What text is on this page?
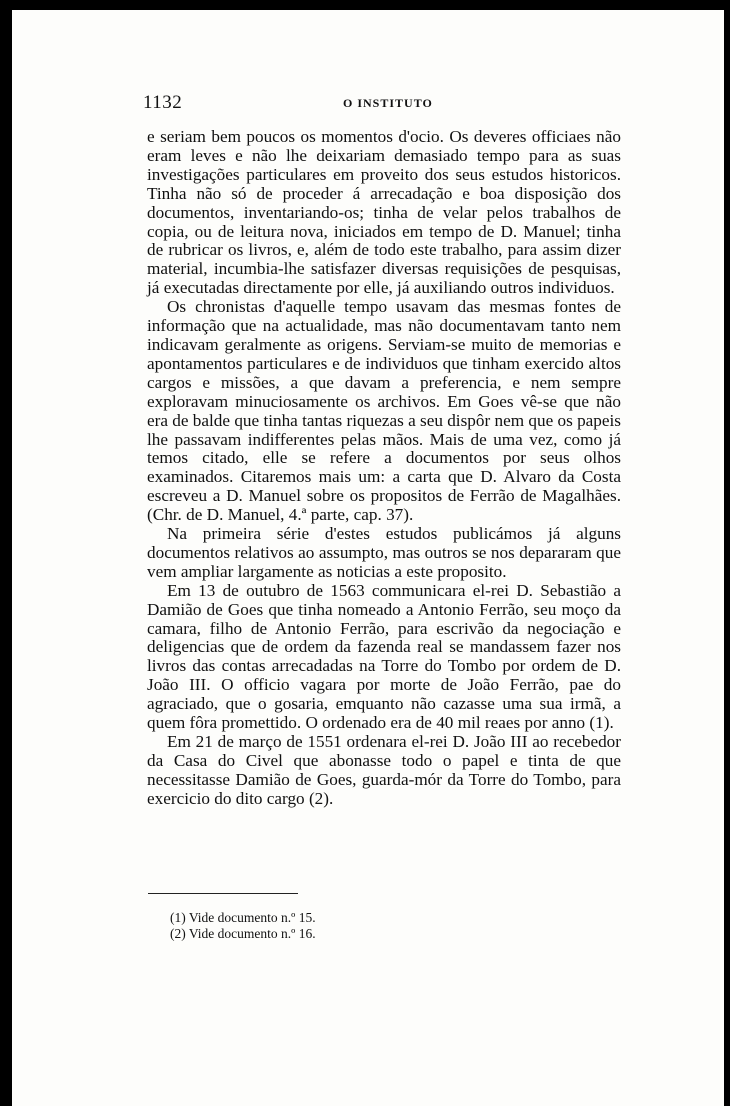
1132	O INSTITUTO

e seriam bem poucos os momentos d'ocio. Os deveres officiaes não eram leves e não lhe deixariam demasiado tempo para as suas investigações particulares em proveito dos seus estudos historicos. Tinha não só de proceder á arrecadação e boa disposição dos documentos, inventariando-os; tinha de velar pelos trabalhos de copia, ou de leitura nova, iniciados em tempo de D. Manuel; tinha de rubricar os livros, e, além de todo este trabalho, para assim dizer material, incumbia-lhe satisfazer diversas requisições de pesquisas, já executadas directamente por elle, já auxiliando outros individuos.

Os chronistas d'aquelle tempo usavam das mesmas fontes de informação que na actualidade, mas não documentavam tanto nem indicavam geralmente as origens. Serviam-se muito de memorias e apontamentos particulares e de individuos que tinham exercido altos cargos e missões, a que davam a preferencia, e nem sempre exploravam minuciosamente os archivos. Em Goes vê-se que não era de balde que tinha tantas riquezas a seu dispôr nem que os papeis lhe passavam indifferentes pelas mãos. Mais de uma vez, como já temos citado, elle se refere a documentos por seus olhos examinados. Citaremos mais um: a carta que D. Alvaro da Costa escreveu a D. Manuel sobre os propositos de Ferrão de Magalhães. (Chr. de D. Manuel, 4.ª parte, cap. 37).

Na primeira série d'estes estudos publicámos já alguns documentos relativos ao assumpto, mas outros se nos depararam que vem ampliar largamente as noticias a este proposito.

Em 13 de outubro de 1563 communicara el-rei D. Sebastião a Damião de Goes que tinha nomeado a Antonio Ferrão, seu moço da camara, filho de Antonio Ferrão, para escrivão da negociação e deligencias que de ordem da fazenda real se mandassem fazer nos livros das contas arrecadadas na Torre do Tombo por ordem de D. João III. O officio vagara por morte de João Ferrão, pae do agraciado, que o gosaria, emquanto não cazasse uma sua irmã, a quem fôra promettido. O ordenado era de 40 mil reaes por anno (1).

Em 21 de março de 1551 ordenara el-rei D. João III ao recebedor da Casa do Civel que abonasse todo o papel e tinta de que necessitasse Damião de Goes, guarda-mór da Torre do Tombo, para exercicio do dito cargo (2).

(1) Vide documento n.º 15.
(2) Vide documento n.º 16.
